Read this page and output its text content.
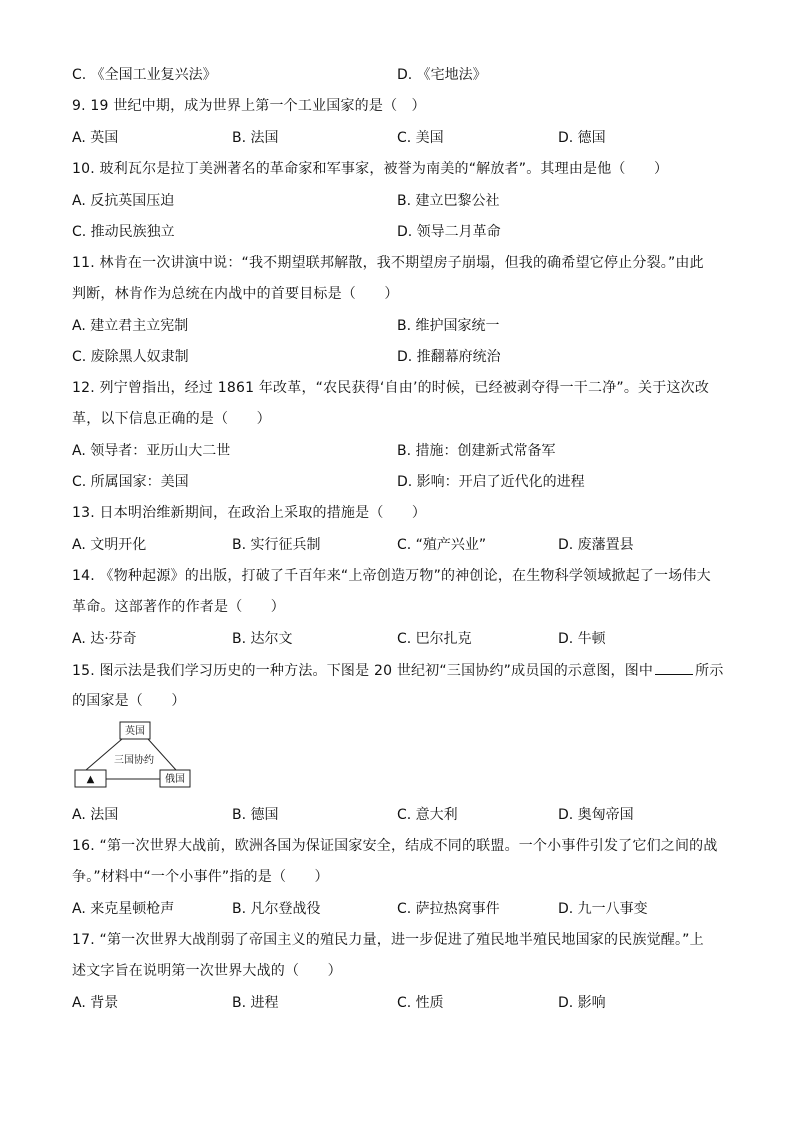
C. 《全国工业复兴法》	D. 《宅地法》
9. 19 世纪中期，成为世界上第一个工业国家的是（　）
A. 英国	B. 法国	C. 美国	D. 德国
10. 玻利瓦尔是拉丁美洲著名的革命家和军事家，被誉为南美的“解放者”。其理由是他（　　）
A. 反抗英国压迫	B. 建立巴黎公社
C. 推动民族独立	D. 领导二月革命
11. 林肯在一次讲演中说：“我不期望联邦解散，我不期望房子崩塌，但我的确希望它停止分裂。”由此
判断，林肯作为总统在内战中的首要目标是（　　）
A. 建立君主立宪制	B. 维护国家统一
C. 废除黑人奴隶制	D. 推翻幕府统治
12. 列宁曾指出，经过 1861 年改革，“农民获得‘自由’的时候，已经被剥夺得一干二净”。关于这次改
革，以下信息正确的是（　　）
A. 领导者：亚历山大二世	B. 措施：创建新式常备军
C. 所属国家：美国	D. 影响：开启了近代化的进程
13. 日本明治维新期间，在政治上采取的措施是（　　）
A. 文明开化	B. 实行征兵制	C. “殖产兴业”	D. 废藩置县
14. 《物种起源》的出版，打破了千百年来“上帝创造万物”的神创论，在生物科学领域掀起了一场伟大
革命。这部著作的作者是（　　）
A. 达·芬奇	B. 达尔文	C. 巴尔扎克	D. 牛顿
15. 图示法是我们学习历史的一种方法。下图是 20 世纪初“三国协约”成员国的示意图，图中	所示
的国家是（　　）
英国
三国协约
▲	俄国
A. 法国	B. 德国	C. 意大利	D. 奥匈帝国
16. “第一次世界大战前，欧洲各国为保证国家安全，结成不同的联盟。一个小事件引发了它们之间的战
争。”材料中“一个小事件”指的是（　　）
A. 来克星顿枪声	B. 凡尔登战役	C. 萨拉热窝事件	D. 九一八事变
17. “第一次世界大战削弱了帝国主义的殖民力量，进一步促进了殖民地半殖民地国家的民族觉醒。”上
述文字旨在说明第一次世界大战的（　　）
A. 背景	B. 进程	C. 性质	D. 影响
